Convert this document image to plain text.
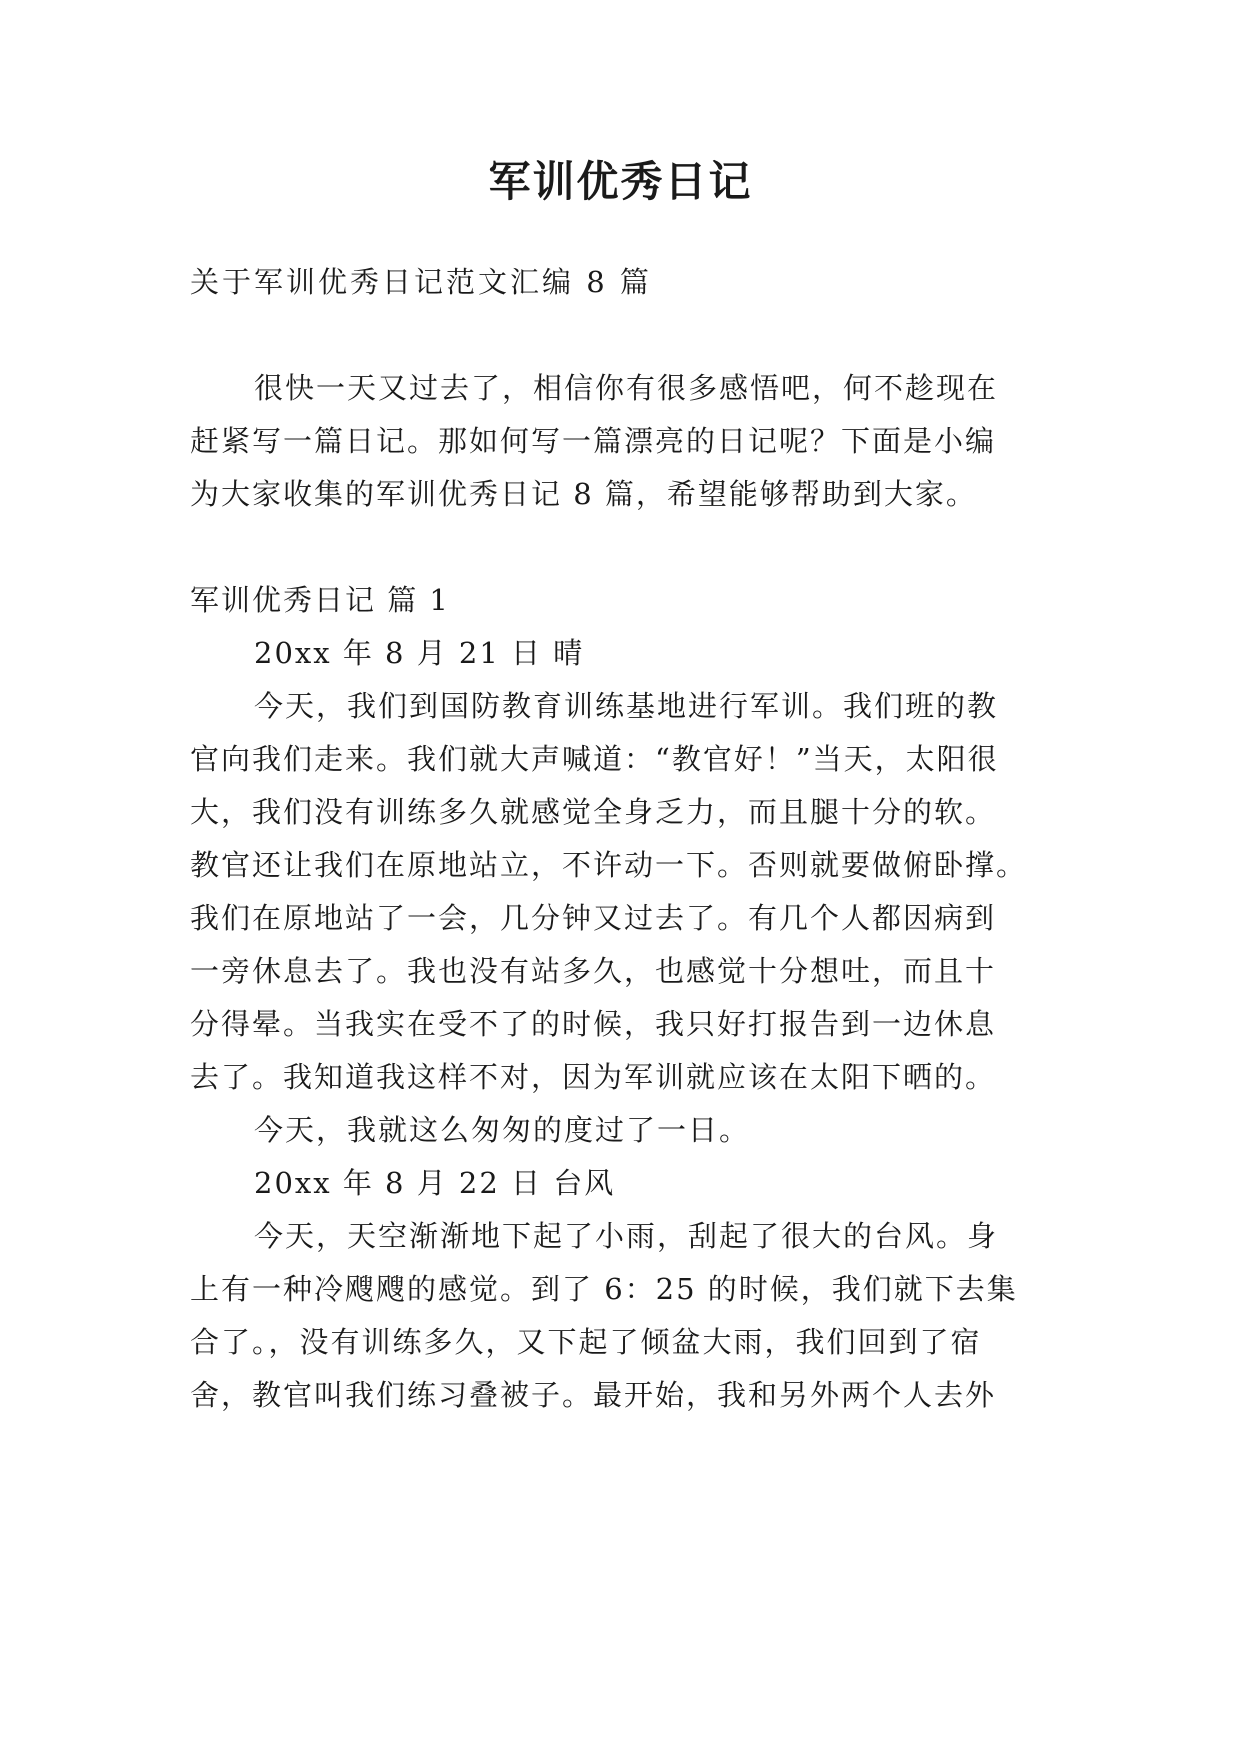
军训优秀日记

关于军训优秀日记范文汇编 8 篇

很快一天又过去了，相信你有很多感悟吧，何不趁现在

赶紧写一篇日记。那如何写一篇漂亮的日记呢？下面是小编

为大家收集的军训优秀日记 8 篇，希望能够帮助到大家。

军训优秀日记 篇 1

20xx 年 8 月 21 日 晴

今天，我们到国防教育训练基地进行军训。我们班的教

官向我们走来。我们就大声喊道：“教官好！”当天，太阳很

大，我们没有训练多久就感觉全身乏力，而且腿十分的软。

教官还让我们在原地站立，不许动一下。否则就要做俯卧撑。

我们在原地站了一会，几分钟又过去了。有几个人都因病到

一旁休息去了。我也没有站多久，也感觉十分想吐，而且十

分得晕。当我实在受不了的时候，我只好打报告到一边休息

去了。我知道我这样不对，因为军训就应该在太阳下晒的。

今天，我就这么匆匆的度过了一日。

20xx 年 8 月 22 日 台风

今天，天空渐渐地下起了小雨，刮起了很大的台风。身

上有一种冷飕飕的感觉。到了 6：25 的时候，我们就下去集

合了。，没有训练多久，又下起了倾盆大雨，我们回到了宿

舍，教官叫我们练习叠被子。最开始，我和另外两个人去外
